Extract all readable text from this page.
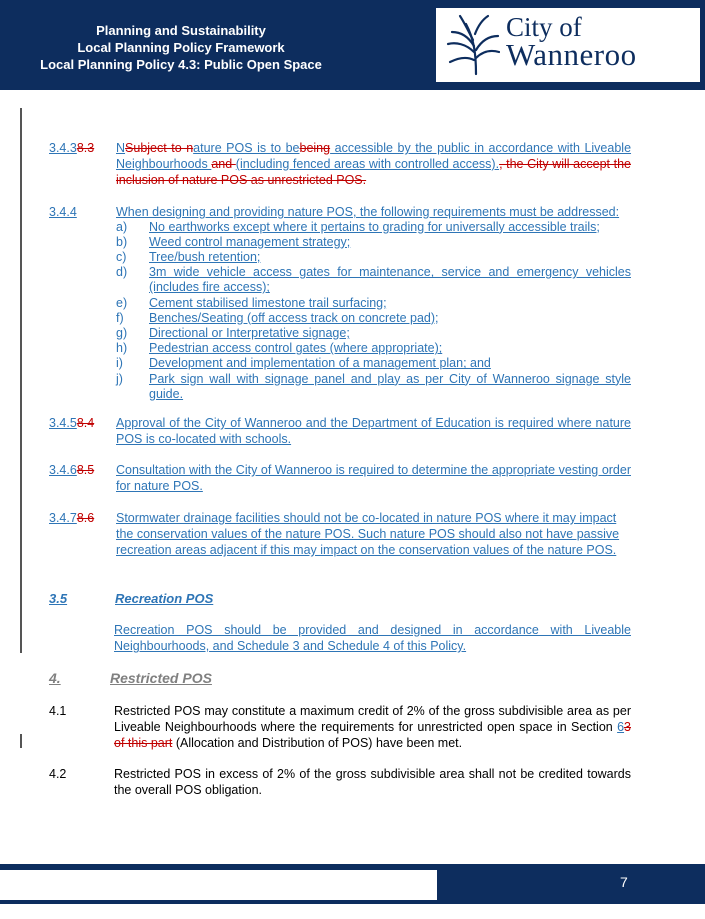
Planning and Sustainability
Local Planning Policy Framework
Local Planning Policy 4.3: Public Open Space
City of
Wanneroo
3.4.38.3 NSubject to nature POS is to bebeing accessible by the public in accordance with Liveable Neighbourhoods and (including fenced areas with controlled access)., the City will accept the inclusion of nature POS as unrestricted POS.
3.4.4	When designing and providing nature POS, the following requirements must be addressed:
a) No earthworks except where it pertains to grading for universally accessible trails;
b) Weed control management strategy;
c) Tree/bush retention;
d) 3m wide vehicle access gates for maintenance, service and emergency vehicles (includes fire access);
e) Cement stabilised limestone trail surfacing;
f) Benches/Seating (off access track on concrete pad);
g) Directional or Interpretative signage;
h) Pedestrian access control gates (where appropriate);
i) Development and implementation of a management plan; and
j) Park sign wall with signage panel and play as per City of Wanneroo signage style guide.
3.4.58.4 Approval of the City of Wanneroo and the Department of Education is required where nature POS is co-located with schools.
3.4.68.5 Consultation with the City of Wanneroo is required to determine the appropriate vesting order for nature POS.
3.4.78.6 Stormwater drainage facilities should not be co-located in nature POS where it may impact the conservation values of the nature POS. Such nature POS should also not have passive recreation areas adjacent if this may impact on the conservation values of the nature POS.
3.5	Recreation POS
Recreation POS should be provided and designed in accordance with Liveable Neighbourhoods, and Schedule 3 and Schedule 4 of this Policy.
4.	Restricted POS
4.1	Restricted POS may constitute a maximum credit of 2% of the gross subdivisible area as per Liveable Neighbourhoods where the requirements for unrestricted open space in Section 63 of this part (Allocation and Distribution of POS) have been met.
4.2	Restricted POS in excess of 2% of the gross subdivisible area shall not be credited towards the overall POS obligation.
7
